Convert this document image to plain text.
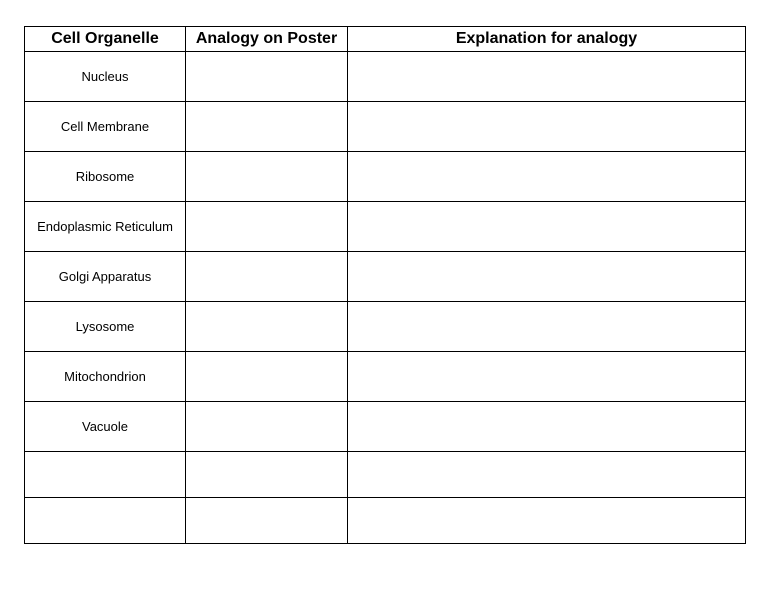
Cell Organelle	Analogy on Poster	Explanation for analogy
Nucleus		
Cell Membrane		
Ribosome		
Endoplasmic Reticulum		
Golgi Apparatus		
Lysosome		
Mitochondrion		
Vacuole		
